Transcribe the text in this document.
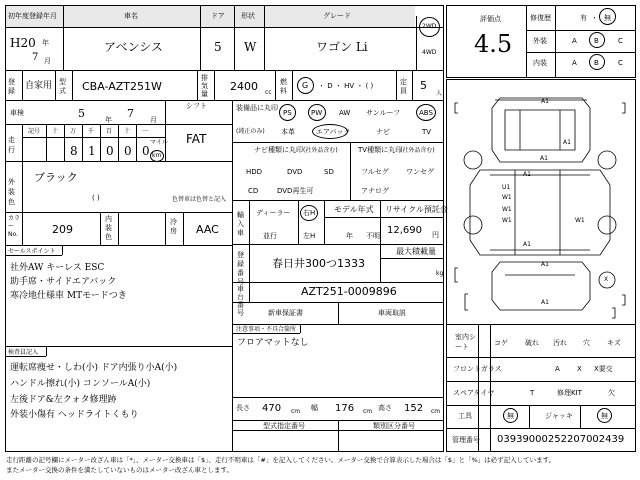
初年度登録年月	車名	ドア 形状	グレード
H20 年
7 月
アベンシス	5 W	ワゴン Li
2WD
4WD
登録	自家用 型式 CBA-AZT251W
排気量
2400 cc
燃料
G ・ D ・ HV ・ ( )	定員 5
人
車検	5	年 7 月
シフト
FAT
走行
記号 十 万 千 百 十 一
8 1 0 0 0
マイル
km
外装色
ブラック
( )	色替車は色替と記入
カラーNo.	209
内装色
冷房 AAC
セールスポイント
社外AW キーレス ESC
助手席・サイドエアバック
寒冷地仕様車 MTモードつき
検査員記入
運転席痩せ・しわ(小) ドア内張り小A(小)
ハンドル擦れ(小) コンソールA(小)
左後ドア&左クォタ修理跡
外装小傷有 ヘッドライトくもり
装備品に丸印
(純正のみ)
PS	PW AW サンルーフ	ABS
本革	エアバック	ナビ	TV
ナビ種類に丸印 (社外品含む)
HDD	DVD	SD
CD	DVD再生可
TV種類に丸印
(社外品含む)
フルセグ ワンセグ
アナログ
輸入車
ディーラー
並行
右H
左H
モデル年式
年 不明
リサイクル預託金
12,690 円
登録番号
春日井300つ1333
最大積載量
kg
車台番号
AZT251-0009896
新車保証書	車両取説
注意事項・不具合箇所
フロアマットなし
長さ 470 cm 幅 176 cm 高さ 152 cm
型式指定番号	類別区分番号
評価点
4.5
修復歴	有 ・ 無
外装	A B	C
内装	A B	C
A1
A1
A1
A1
U1
W1
W1
W1
W1
A1
A1
A1
X
室内シート	コゲ 破れ 汚れ 穴 キズ
フロントガラス	A X X要交
スペアタイヤ	T	修理KIT	欠
工具	無	ジャッキ	無
管理番号 0393900025220700243​9
走行距離の記号欄にメーター改ざん車は「*」、メーター交換車は「$」、走行不明車は「#」を記入してください。メーター交換で合算表示した場合は「$」と「%」は必ず記入しています。
またメーター交換の条件を満たしていないものはメーター改ざん車とします。
